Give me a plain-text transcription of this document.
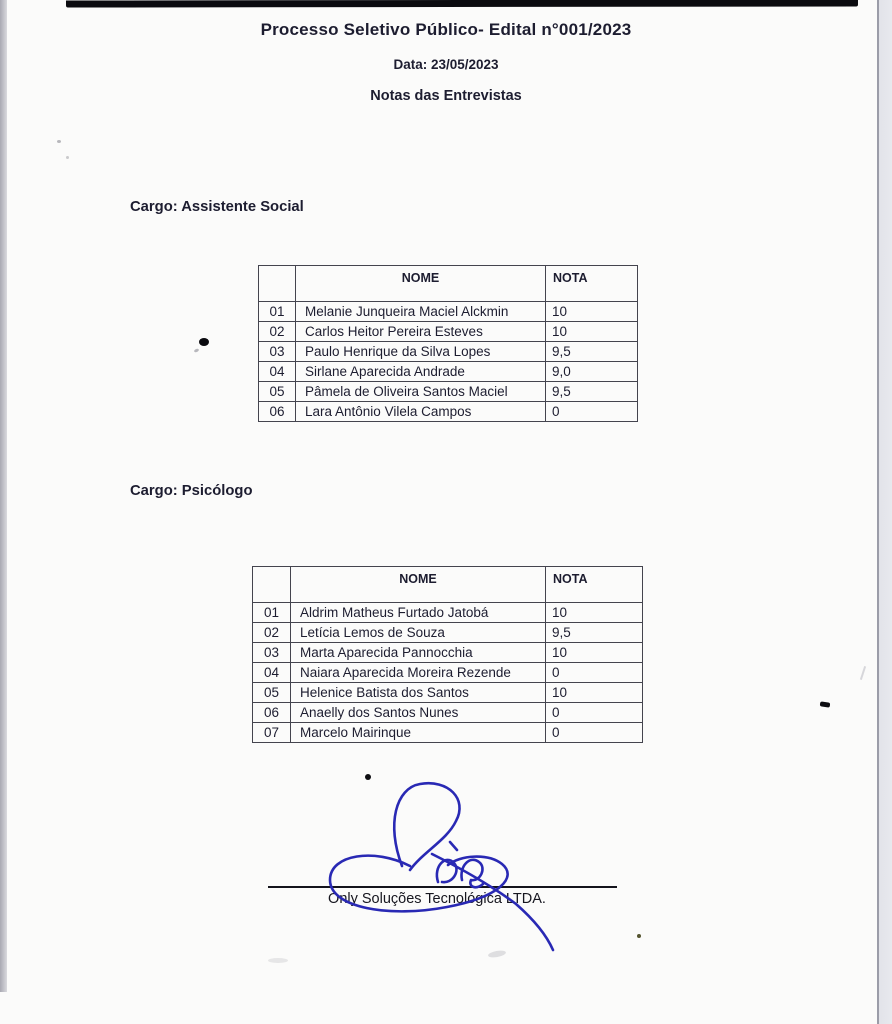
Processo Seletivo Público- Edital n°001/2023
Data: 23/05/2023
Notas das Entrevistas
Cargo: Assistente Social
	NOME	NOTA
01	Melanie Junqueira Maciel Alckmin	10
02	Carlos Heitor Pereira Esteves	10
03	Paulo Henrique da Silva Lopes	9,5
04	Sirlane Aparecida Andrade	9,0
05	Pâmela de Oliveira Santos Maciel	9,5
06	Lara Antônio Vilela Campos	0
Cargo: Psicólogo
	NOME	NOTA
01	Aldrim Matheus Furtado Jatobá	10
02	Letícia Lemos de Souza	9,5
03	Marta Aparecida Pannocchia	10
04	Naiara Aparecida Moreira Rezende	0
05	Helenice Batista dos Santos	10
06	Anaelly dos Santos Nunes	0
07	Marcelo Mairinque	0
Only Soluções Tecnológica LTDA.
